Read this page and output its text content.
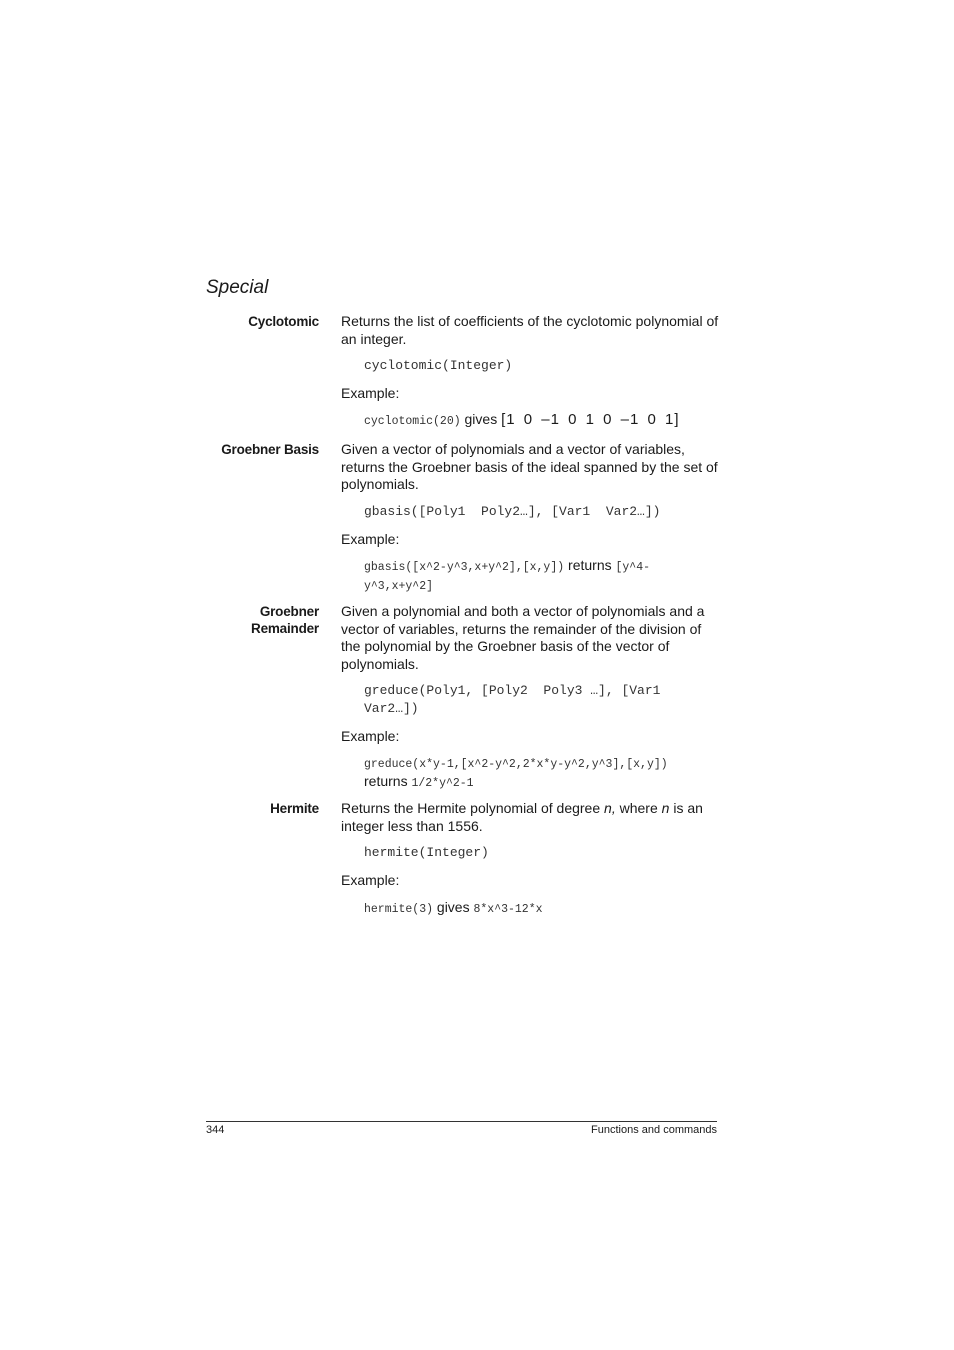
Special
Cyclotomic Returns the list of coefficients of the cyclotomic polynomial of an integer.

cyclotomic(Integer)

Example:

cyclotomic(20) gives [1 0 –1 0 1 0 –1 0 1]

Groebner Basis Given a vector of polynomials and a vector of variables, returns the Groebner basis of the ideal spanned by the set of polynomials.

gbasis([Poly1  Poly2…], [Var1  Var2…])

Example:

gbasis([x^2-y^3,x+y^2],[x,y]) returns [y^4-y^3,x+y^2]

Groebner
Remainder

Given a polynomial and both a vector of polynomials and a vector of variables, returns the remainder of the division of the polynomial by the Groebner basis of the vector of polynomials.

greduce(Poly1, [Poly2  Poly3 …], [Var1 Var2…])

Example:

greduce(x*y-1,[x^2-y^2,2*x*y-y^2,y^3],[x,y])
returns 1/2*y^2-1

Hermite Returns the Hermite polynomial of degree n, where n is an integer less than 1556.

hermite(Integer)

Example:

hermite(3) gives 8*x^3-12*x

344	Functions and commands
